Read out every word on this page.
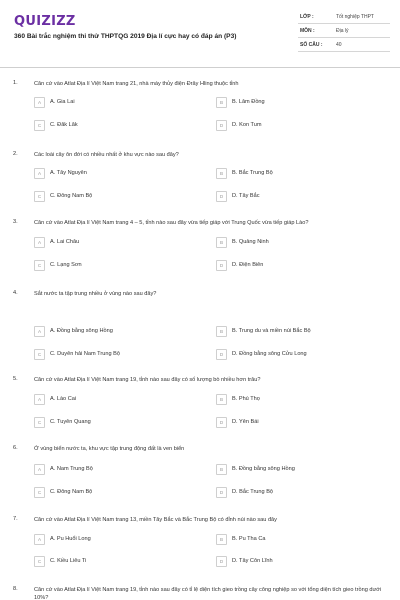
QUIZIZZ
360 Bài trắc nghiệm thi thử THPTQG 2019 Địa lí cực hay có đáp án (P3)
LỚP :	Tốt nghiệp THPT
MÔN :	Địa lý
SỐ CÂU :	40
1.	Căn cứ vào Atlat Địa lí Việt Nam trang 21, nhà máy thủy điện Đrây Hling thuộc tỉnh
A	A. Gia Lai	B	B. Lâm Đồng
C	C. Đăk Lăk	D	D. Kon Tum
2.	Các loài cây ôn đới có nhiều nhất ở khu vực nào sau đây?
A	A. Tây Nguyên	B	B. Bắc Trung Bộ
C	C. Đông Nam Bộ	D	D. Tây Bắc
3.	Căn cứ vào Atlat Địa lí Việt Nam trang 4 – 5, tỉnh nào sau đây vừa tiếp giáp với Trung Quốc vừa tiếp giáp Lào?
A	A. Lai Châu	B	B. Quảng Ninh
C	C. Lạng Sơn	D	D. Điện Biên
4.	Sắt nước ta tập trung nhiều ở vùng nào sau đây?
A	A. Đồng bằng sông Hồng	B	B. Trung du và miền núi Bắc Bộ
C	C. Duyên hải Nam Trung Bộ	D	D. Đồng bằng sông Cửu Long
5.	Căn cứ vào Atlat Địa lí Việt Nam trang 19, tỉnh nào sau đây có số lượng bò nhiều hơn trâu?
A	A. Lào Cai	B	B. Phú Thọ
C	C. Tuyên Quang	D	D. Yên Bái
6.	Ở vùng biển nước ta, khu vực tập trung động đất là ven biển
A	A. Nam Trung Bộ	B	B. Đồng bằng sông Hồng
C	C. Đông Nam Bộ	D	D. Bắc Trung Bộ
7.	Căn cứ vào Atlat Địa lí Việt Nam trang 13, miền Tây Bắc và Bắc Trung Bộ có đỉnh núi nào sau đây
A	A. Pu Huổi Long	B	B. Pu Tha Ca
C	C. Kiều Liêu Ti	D	D. Tây Côn Lĩnh
8.	Căn cứ vào Atlat Địa lí Việt Nam trang 19, tỉnh nào sau đây có tỉ lệ diện tích gieo trồng cây công nghiệp so với tổng diện tích gieo trồng dưới 10%?
